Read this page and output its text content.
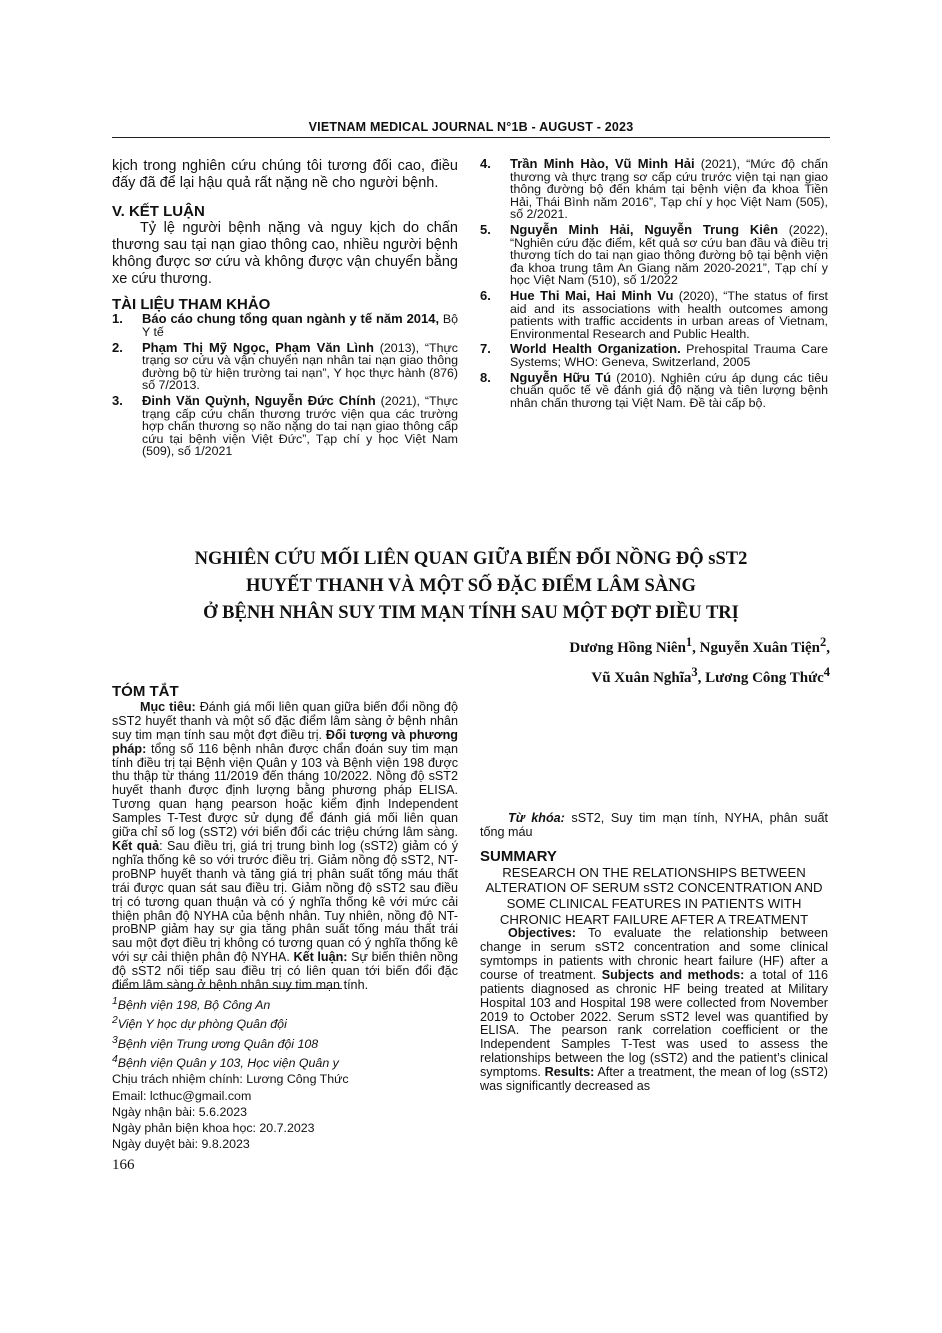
VIETNAM MEDICAL JOURNAL N°1B - AUGUST - 2023
kịch trong nghiên cứu chúng tôi tương đối cao, điều đấy đã để lại hậu quả rất nặng nề cho người bệnh.
V. KẾT LUẬN
Tỷ lệ người bệnh nặng và nguy kịch do chấn thương sau tại nạn giao thông cao, nhiều người bệnh không được sơ cứu và không được vận chuyển bằng xe cứu thương.
TÀI LIỆU THAM KHẢO
1.	Báo cáo chung tổng quan ngành y tế năm 2014, Bộ Y tế
2.	Phạm Thị Mỹ Ngọc, Phạm Văn Lình (2013), “Thực trạng sơ cứu và vận chuyển nạn nhân tai nạn giao thông đường bộ từ hiện trường tai nạn”, Y học thực hành (876) số 7/2013.
3.	Đinh Văn Quỳnh, Nguyễn Đức Chính (2021), “Thực trạng cấp cứu chấn thương trước viện qua các trường hợp chấn thương sọ não nặng do tai nạn giao thông cấp cứu tại bệnh viện Việt Đức”, Tạp chí y học Việt Nam (509), số 1/2021
4.	Trần Minh Hào, Vũ Minh Hải (2021), “Mức độ chấn thương và thực trạng sơ cấp cứu trước viện tại nạn giao thông đường bộ đến khám tại bệnh viện đa khoa Tiền Hải, Thái Bình năm 2016”, Tạp chí y học Việt Nam (505), số 2/2021.
5.	Nguyễn Minh Hải, Nguyễn Trung Kiên (2022), “Nghiên cứu đặc điểm, kết quả sơ cứu ban đầu và điều trị thương tích do tai nạn giao thông đường bộ tại bệnh viện đa khoa trung tâm An Giang năm 2020-2021”, Tạp chí y học Việt Nam (510), số 1/2022
6.	Hue Thi Mai, Hai Minh Vu (2020), “The status of first aid and its associations with health outcomes among patients with traffic accidents in urban areas of Vietnam, Environmental Research and Public Health.
7.	World Health Organization. Prehospital Trauma Care Systems; WHO: Geneva, Switzerland, 2005
8.	Nguyễn Hữu Tú (2010). Nghiên cứu áp dụng các tiêu chuẩn quốc tế về đánh giá độ nặng và tiên lượng bệnh nhân chấn thương tại Việt Nam. Đề tài cấp bộ.
NGHIÊN CỨU MỐI LIÊN QUAN GIỮA BIẾN ĐỔI NỒNG ĐỘ sST2
HUYẾT THANH VÀ MỘT SỐ ĐẶC ĐIỂM LÂM SÀNG
Ở BỆNH NHÂN SUY TIM MẠN TÍNH SAU MỘT ĐỢT ĐIỀU TRỊ
Dương Hồng Niên$^1$, Nguyễn Xuân Tiện$^2$,
Vũ Xuân Nghĩa$^3$, Lương Công Thức$^4$
TÓM TẮT
Mục tiêu: Đánh giá mối liên quan giữa biến đổi nồng độ sST2 huyết thanh và một số đặc điểm lâm sàng ở bệnh nhân suy tim mạn tính sau một đợt điều trị. Đối tượng và phương pháp: tổng số 116 bệnh nhân được chẩn đoán suy tim mạn tính điều trị tại Bệnh viện Quân y 103 và Bệnh viện 198 được thu thập từ tháng 11/2019 đến tháng 10/2022. Nồng độ sST2 huyết thanh được định lượng bằng phương pháp ELISA. Tương quan hạng pearson hoặc kiểm định Independent Samples T-Test được sử dụng để đánh giá mối liên quan giữa chỉ số log (sST2) với biến đổi các triệu chứng lâm sàng. Kết quả: Sau điều trị, giá trị trung bình log (sST2) giảm có ý nghĩa thống kê so với trước điều trị. Giảm nồng độ sST2, NT-proBNP huyết thanh và tăng giá trị phân suất tống máu thất trái được quan sát sau điều trị. Giảm nồng độ sST2 sau điều trị có tương quan thuận và có ý nghĩa thống kê với mức cải thiện phân độ NYHA của bệnh nhân. Tuy nhiên, nồng độ NT-proBNP giảm hay sự gia tăng phân suất tống máu thất trái sau một đợt điều trị không có tương quan có ý nghĩa thống kê với sự cải thiện phân độ NYHA. Kết luận: Sự biến thiên nồng độ sST2 nối tiếp sau điều trị có liên quan tới biến đổi đặc điểm lâm sàng ở bệnh nhân suy tim mạn tính.
$^1$Bệnh viện 198, Bộ Công An
$^2$Viện Y học dự phòng Quân đội
$^3$Bệnh viện Trung ương Quân đội 108
$^4$Bệnh viện Quân y 103, Học viện Quân y
Chịu trách nhiệm chính: Lương Công Thức
Email: lcthuc@gmail.com
Ngày nhận bài: 5.6.2023
Ngày phản biện khoa học: 20.7.2023
Ngày duyệt bài: 9.8.2023
Từ khóa: sST2, Suy tim mạn tính, NYHA, phân suất tống máu
SUMMARY
RESEARCH ON THE RELATIONSHIPS BETWEEN ALTERATION OF SERUM sST2 CONCENTRATION AND SOME CLINICAL FEATURES IN PATIENTS WITH CHRONIC HEART FAILURE AFTER A TREATMENT
Objectives: To evaluate the relationship between change in serum sST2 concentration and some clinical symtomps in patients with chronic heart failure (HF) after a course of treatment. Subjects and methods: a total of 116 patients diagnosed as chronic HF being treated at Military Hospital 103 and Hospital 198 were collected from November 2019 to October 2022. Serum sST2 level was quantified by ELISA. The pearson rank correlation coefficient or the Independent Samples T-Test was used to assess the relationships between the log (sST2) and the patient’s clinical symptoms. Results: After a treatment, the mean of log (sST2) was significantly decreased as
166
